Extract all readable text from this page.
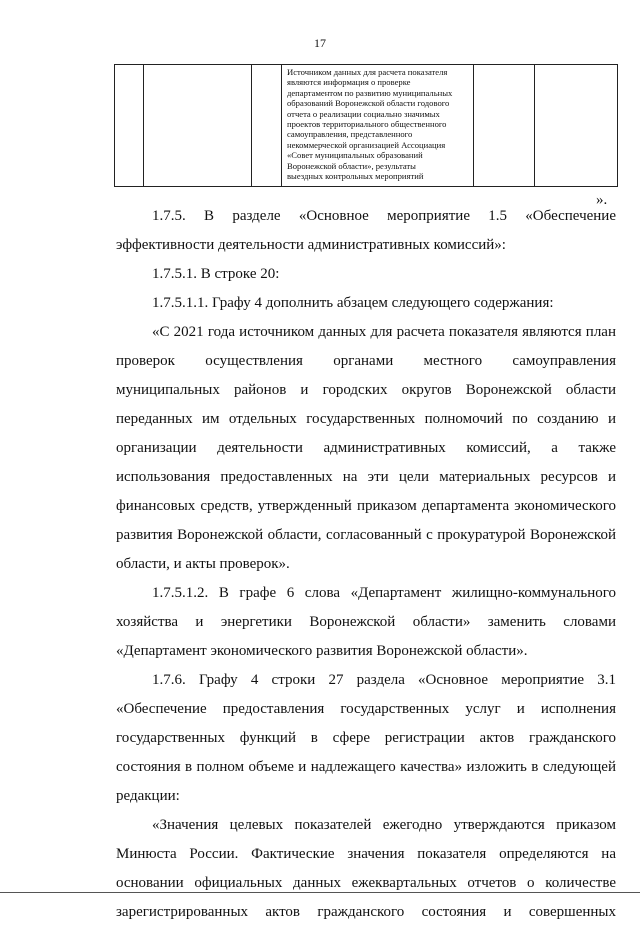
17

Источником данных для расчета показателя
являются информация о проверке
департаментом по развитию муниципальных
образований Воронежской области годового
отчета о реализации социально значимых
проектов территориального общественного
самоуправления, представленного
некоммерческой организацией Ассоциация
«Совет муниципальных образований
Воронежской области», результаты
выездных контрольных мероприятий

».

1.7.5. В разделе «Основное мероприятие 1.5 «Обеспечение эффективности деятельности административных комиссий»:

1.7.5.1. В строке 20:

1.7.5.1.1. Графу 4 дополнить абзацем следующего содержания:

«С 2021 года источником данных для расчета показателя являются план проверок осуществления органами местного самоуправления муниципальных районов и городских округов Воронежской области переданных им отдельных государственных полномочий по созданию и организации деятельности административных комиссий, а также использования предоставленных на эти цели материальных ресурсов и финансовых средств, утвержденный приказом департамента экономического развития Воронежской области, согласованный с прокуратурой Воронежской области, и акты проверок».

1.7.5.1.2. В графе 6 слова «Департамент жилищно-коммунального хозяйства и энергетики Воронежской области» заменить словами «Департамент экономического развития Воронежской области».

1.7.6. Графу 4 строки 27 раздела «Основное мероприятие 3.1 «Обеспечение предоставления государственных услуг и исполнения государственных функций в сфере регистрации актов гражданского состояния в полном объеме и надлежащего качества» изложить в следующей редакции:

«Значения целевых показателей ежегодно утверждаются приказом Минюста России. Фактические значения показателя определяются на основании официальных данных ежеквартальных отчетов о количестве зарегистрированных актов гражданского состояния и совершенных
